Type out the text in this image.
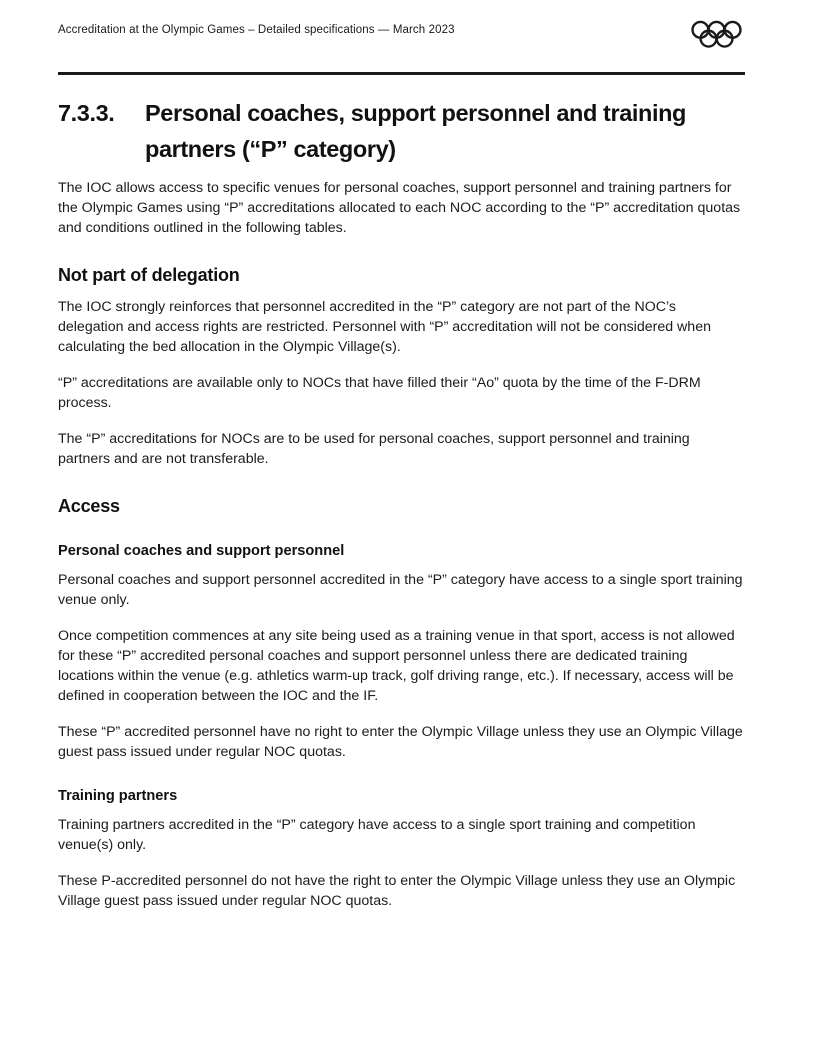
Accreditation at the Olympic Games – Detailed specifications — March 2023
7.3.3.	Personal coaches, support personnel and training partners (“P” category)

The IOC allows access to specific venues for personal coaches, support personnel and training partners for the Olympic Games using “P” accreditations allocated to each NOC according to the “P” accreditation quotas and conditions outlined in the following tables.

Not part of delegation

The IOC strongly reinforces that personnel accredited in the “P” category are not part of the NOC’s delegation and access rights are restricted. Personnel with “P” accreditation will not be considered when calculating the bed allocation in the Olympic Village(s).

“P” accreditations are available only to NOCs that have filled their “Ao” quota by the time of the F-DRM process.

The “P” accreditations for NOCs are to be used for personal coaches, support personnel and training partners and are not transferable.

Access
Personal coaches and support personnel

Personal coaches and support personnel accredited in the “P” category have access to a single sport training venue only.

Once competition commences at any site being used as a training venue in that sport, access is not allowed for these “P” accredited personal coaches and support personnel unless there are dedicated training locations within the venue (e.g. athletics warm-up track, golf driving range, etc.). If necessary, access will be defined in cooperation between the IOC and the IF.

These “P” accredited personnel have no right to enter the Olympic Village unless they use an Olympic Village guest pass issued under regular NOC quotas.

Training partners

Training partners accredited in the “P” category have access to a single sport training and competition venue(s) only.

These P-accredited personnel do not have the right to enter the Olympic Village unless they use an Olympic Village guest pass issued under regular NOC quotas.
